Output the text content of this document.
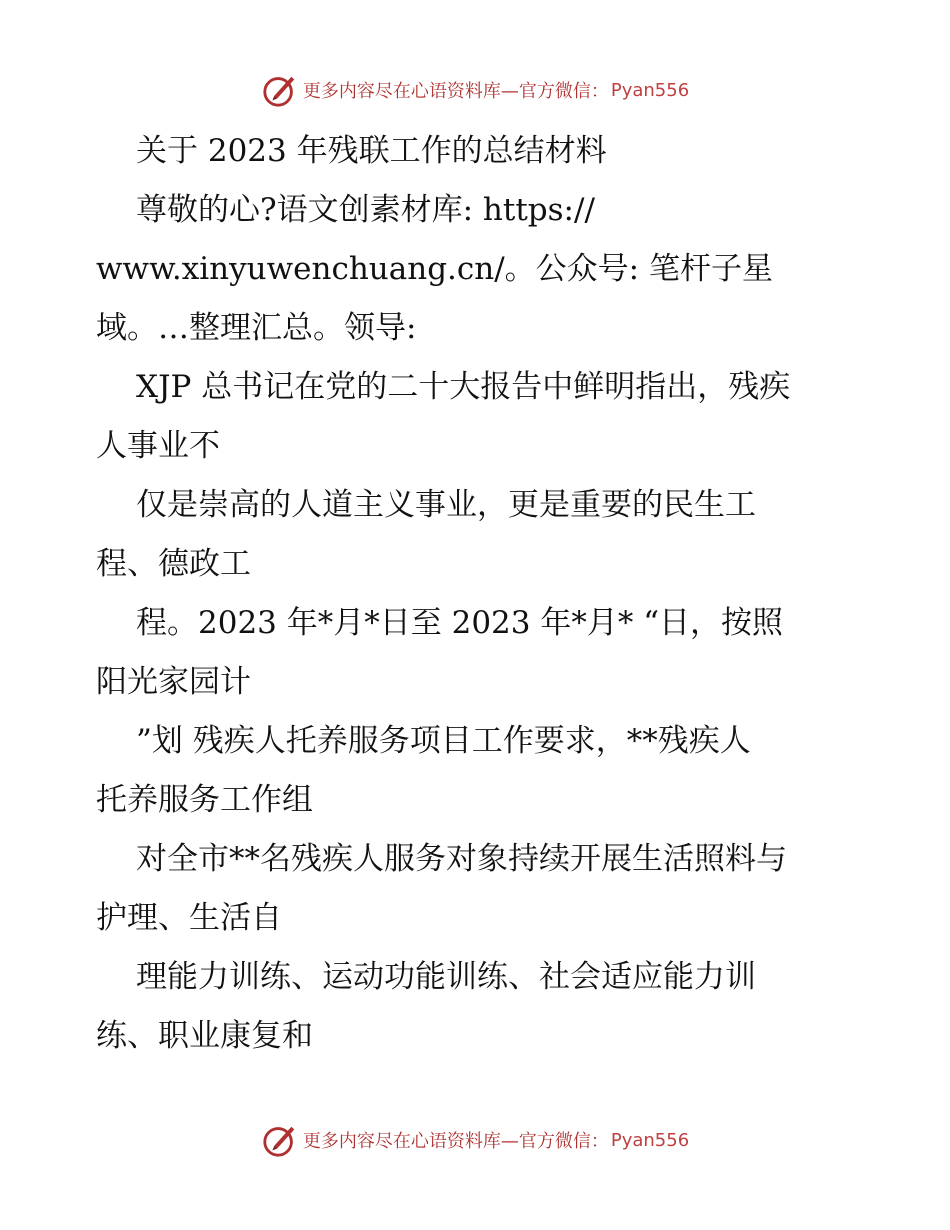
更多内容尽在心语资料库—官方微信： Pyan556
关于 2023 年残联工作的总结材料
尊敬的心?语文创素材库: https://
www.xinyuwenchuang.cn/。公众号: 笔杆子星
域。…整理汇总。领导:
XJP 总书记在党的二十大报告中鲜明指出，残疾
人事业不
仅是崇高的人道主义事业，更是重要的民生工
程、德政工
程。2023 年*月*日至 2023 年*月* “日，按照
阳光家园计
”划 残疾人托养服务项目工作要求，**残疾人
托养服务工作组
对全市**名残疾人服务对象持续开展生活照料与
护理、生活自
理能力训练、运动功能训练、社会适应能力训
练、职业康复和
更多内容尽在心语资料库—官方微信： Pyan556
